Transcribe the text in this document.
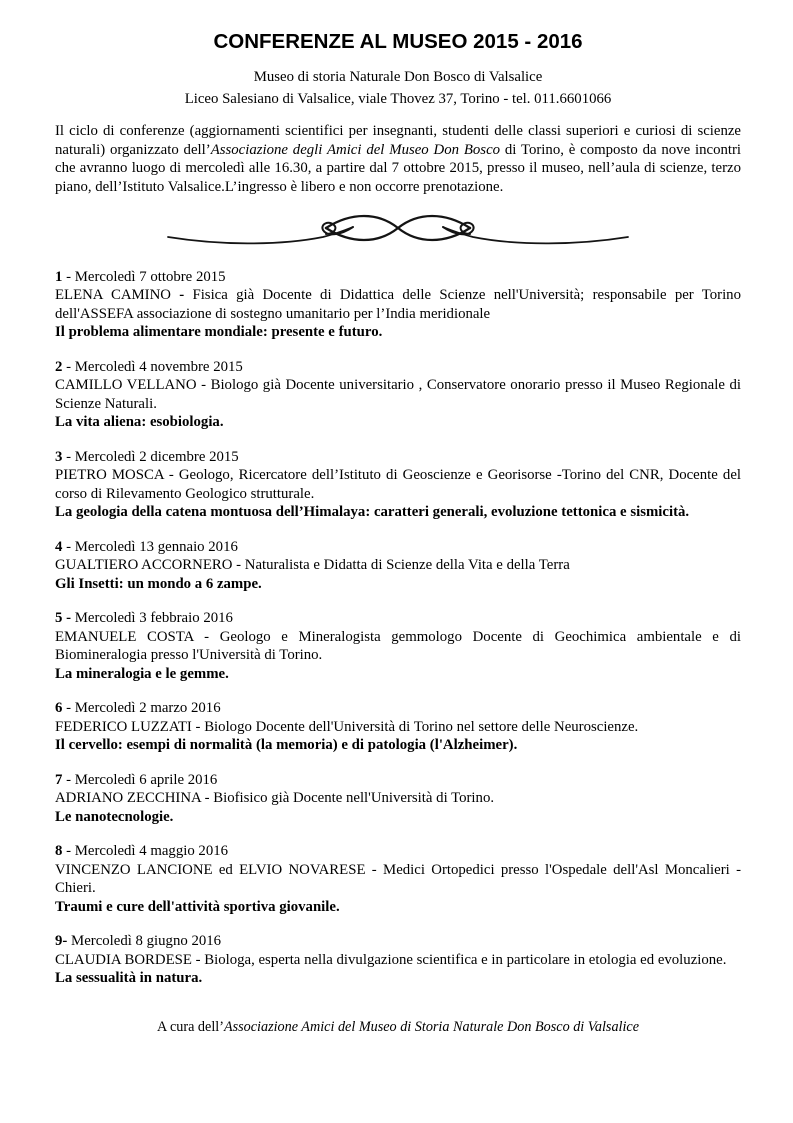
CONFERENZE AL MUSEO 2015 - 2016
Museo di storia Naturale Don Bosco di Valsalice
Liceo Salesiano di Valsalice, viale Thovez 37, Torino - tel. 011.6601066

Il ciclo di conferenze (aggiornamenti scientifici per insegnanti, studenti delle classi superiori e curiosi di scienze naturali) organizzato dell’Associazione degli Amici del Museo Don Bosco di Torino, è composto da nove incontri che avranno luogo di mercoledì alle 16.30, a partire dal 7 ottobre 2015, presso il museo, nell’aula di scienze, terzo piano, dell’Istituto Valsalice.L’ingresso è libero e non occorre prenotazione.

1 - Mercoledì 7 ottobre 2015
ELENA CAMINO - Fisica già Docente di Didattica delle Scienze nell'Università; responsabile per Torino dell'ASSEFA associazione di sostegno umanitario per l’India meridionale
Il problema alimentare mondiale: presente e futuro.
2 - Mercoledì 4 novembre 2015
CAMILLO VELLANO - Biologo già Docente universitario , Conservatore onorario presso il Museo Regionale di Scienze Naturali.
La vita aliena: esobiologia.
3 - Mercoledì 2 dicembre 2015
PIETRO MOSCA - Geologo, Ricercatore dell’Istituto di Geoscienze e Georisorse -Torino del CNR, Docente del corso di Rilevamento Geologico strutturale.
La geologia della catena montuosa dell’Himalaya: caratteri generali, evoluzione tettonica e sismicità.
4 - Mercoledì 13 gennaio 2016
GUALTIERO ACCORNERO - Naturalista e Didatta di Scienze della Vita e della Terra
Gli Insetti: un mondo a 6 zampe.
5 - Mercoledì 3 febbraio 2016
EMANUELE COSTA - Geologo e Mineralogista gemmologo Docente di Geochimica ambientale e di Biomineralogia presso l'Università di Torino.
La mineralogia e le gemme.
6 - Mercoledì 2 marzo 2016
FEDERICO LUZZATI - Biologo Docente dell'Università di Torino nel settore delle Neuroscienze.
Il cervello: esempi di normalità (la memoria) e di patologia (l'Alzheimer).
7 - Mercoledì 6 aprile 2016
ADRIANO ZECCHINA - Biofisico già Docente nell'Università di Torino.
Le nanotecnologie.
8 - Mercoledì 4 maggio 2016
VINCENZO LANCIONE ed ELVIO NOVARESE - Medici Ortopedici presso l'Ospedale dell'Asl Moncalieri - Chieri.
Traumi e cure dell'attività sportiva giovanile.
9- Mercoledì 8 giugno 2016
CLAUDIA BORDESE - Biologa, esperta nella divulgazione scientifica e in particolare in etologia ed evoluzione.
La sessualità in natura.
A cura dell’Associazione Amici del Museo di Storia Naturale Don Bosco di Valsalice
